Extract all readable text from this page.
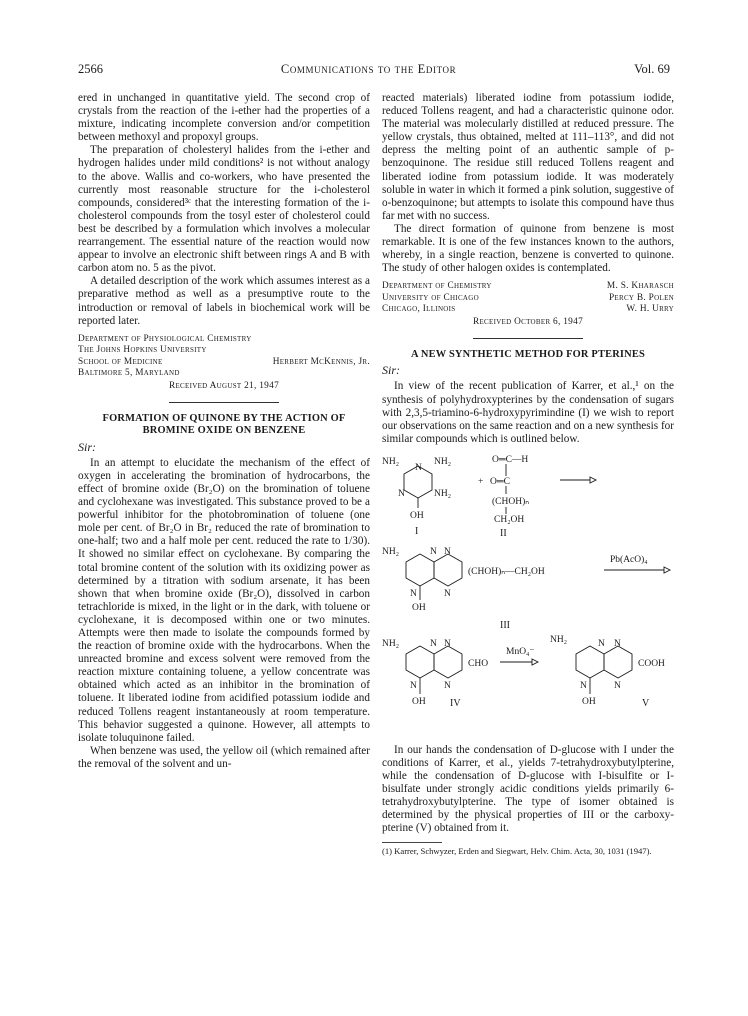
2566	Communications to the Editor	Vol. 69

ered in unchanged in quantitative yield. The second crop of crystals from the reaction of the i-ether had the properties of a mixture, indicating incomplete conversion and/or competition between methoxyl and propoxyl groups.

The preparation of cholesteryl halides from the i-ether and hydrogen halides under mild conditions² is not without analogy to the above. Wallis and co-workers, who have presented the currently most reasonable structure for the i-cholesterol compounds, considered³ᶜ that the interesting formation of the i-cholesterol compounds from the tosyl ester of cholesterol could best be described by a formulation which involves a molecular rearrangement. The essential nature of the reaction would now appear to involve an electronic shift between rings A and B with carbon atom no. 5 as the pivot.

A detailed description of the work which assumes interest as a preparative method as well as a presumptive route to the introduction or removal of labels in biochemical work will be reported later.

Department of Physiological Chemistry
The Johns Hopkins University
School of Medicine	Herbert McKennis, Jr.
Baltimore 5, Maryland
Received August 21, 1947
FORMATION OF QUINONE BY THE ACTION OF
BROMINE OXIDE ON BENZENE
Sir:

In an attempt to elucidate the mechanism of the effect of oxygen in accelerating the bromination of hydrocarbons, the effect of bromine oxide (Br₂O) on the bromination of toluene and cyclohexane was investigated. This substance proved to be a powerful inhibitor for the photobromination of toluene (one mole per cent. of Br₂O in Br₂ reduced the rate of bromination to one-half; two and a half mole per cent. reduced the rate to 1/30). It showed no similar effect on cyclohexane. By comparing the total bromine content of the solution with its oxidizing power as determined by a titration with sodium arsenate, it has been shown that when bromine oxide (Br₂O), dissolved in carbon tetrachloride is mixed, in the light or in the dark, with toluene or cyclohexane, it is decomposed within one or two minutes. Attempts were then made to isolate the compounds formed by the reaction of bromine oxide with the hydrocarbons. When the unreacted bromine and excess solvent were removed from the reaction mixture containing toluene, a yellow concentrate was obtained which acted as an inhibitor in the bromination of toluene. It liberated iodine from acidified potassium iodide and reduced Tollens reagent instantaneously at room temperature. This behavior suggested a quinone. However, all attempts to isolate toluquinone failed.

When benzene was used, the yellow oil (which remained after the removal of the solvent and un-

reacted materials) liberated iodine from potassium iodide, reduced Tollens reagent, and had a characteristic quinone odor. The material was molecularly distilled at reduced pressure. The yellow crystals, thus obtained, melted at 111–113°, and did not depress the melting point of an authentic sample of p-benzoquinone. The residue still reduced Tollens reagent and liberated iodine from potassium iodide. It was moderately soluble in water in which it formed a pink solution, suggestive of o-benzoquinone; but attempts to isolate this compound have thus far met with no success.

The direct formation of quinone from benzene is most remarkable. It is one of the few instances known to the authors, whereby, in a single reaction, benzene is converted to quinone. The study of other halogen oxides is contemplated.

Department of Chemistry	M. S. Kharasch
University of Chicago	Percy B. Polen
Chicago, Illinois	W. H. Urry
Received October 6, 1947
A NEW SYNTHETIC METHOD FOR PTERINES
Sir:

In view of the recent publication of Karrer, et al.,¹ on the synthesis of polyhydroxypterines by the condensation of sugars with 2,3,5-triamino-6-hydroxypyrimindine (I) we wish to report our observations on the same reaction and on a new synthesis for similar compounds which is outlined below.

NH₂
N
NH₂
N	NH₂
OH
I
O═C—H
+ O═C
(CHOH)ₙ
CH₂OH
II
NH₂	N N
N	N
OH
(CHOH)ₙ—CH₂OH
III
Pb(AcO)₄
NH₂	N N
N	N
OH
CHO
IV
MnO₄⁻
NH₂	N N
N	N
OH
COOH
V

In our hands the condensation of D-glucose with I under the conditions of Karrer, et al., yields 7-tetrahydroxybutylpterine, while the condensation of D-glucose with I-bisulfite or I-bisulfate under strongly acidic conditions yields primarily 6-tetrahydroxybutylpterine. The type of isomer obtained is determined by the physical properties of III or the carboxy-pterine (V) obtained from it.

(1) Karrer, Schwyzer, Erden and Siegwart, Helv. Chim. Acta, 30, 1031 (1947).
